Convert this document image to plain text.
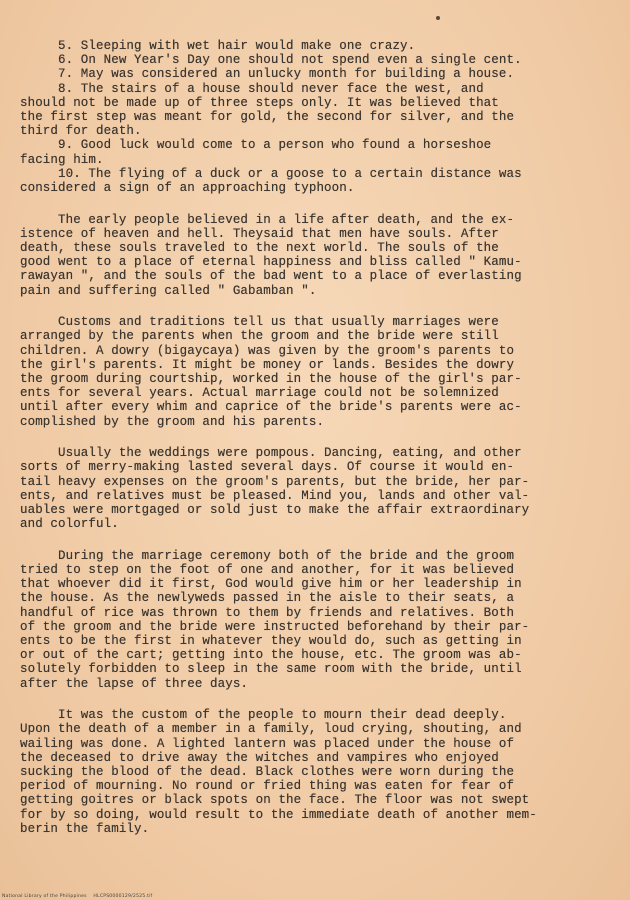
5. Sleeping with wet hair would make one crazy.
6. On New Year's Day one should not spend even a single cent.
7. May was considered an unlucky month for building a house.
8. The stairs of a house should never face the west, and
should not be made up of three steps only. It was believed that
the first step was meant for gold, the second for silver, and the
third for death.
9. Good luck would come to a person who found a horseshoe
facing him.
10. The flying of a duck or a goose to a certain distance was
considered a sign of an approaching typhoon.
The early people believed in a life after death, and the ex-
istence of heaven and hell. Theysaid that men have souls. After
death, these souls traveled to the next world. The souls of the
good went to a place of eternal happiness and bliss called " Kamu-
rawayan ", and the souls of the bad went to a place of everlasting
pain and suffering called " Gabamban ".
Customs and traditions tell us that usually marriages were
arranged by the parents when the groom and the bride were still
children. A dowry (bigaycaya) was given by the groom's parents to
the girl's parents. It might be money or lands. Besides the dowry
the groom during courtship, worked in the house of the girl's par-
ents for several years. Actual marriage could not be solemnized
until after every whim and caprice of the bride's parents were ac-
complished by the groom and his parents.
Usually the weddings were pompous. Dancing, eating, and other
sorts of merry-making lasted several days. Of course it would en-
tail heavy expenses on the groom's parents, but the bride, her par-
ents, and relatives must be pleased. Mind you, lands and other val-
uables were mortgaged or sold just to make the affair extraordinary
and colorful.
During the marriage ceremony both of the bride and the groom
tried to step on the foot of one and another, for it was believed
that whoever did it first, God would give him or her leadership in
the house. As the newlyweds passed in the aisle to their seats, a
handful of rice was thrown to them by friends and relatives. Both
of the groom and the bride were instructed beforehand by their par-
ents to be the first in whatever they would do, such as getting in
or out of the cart; getting into the house, etc. The groom was ab-
solutely forbidden to sleep in the same room with the bride, until
after the lapse of three days.
It was the custom of the people to mourn their dead deeply.
Upon the death of a member in a family, loud crying, shouting, and
wailing was done. A lighted lantern was placed under the house of
the deceased to drive away the witches and vampires who enjoyed
sucking the blood of the dead. Black clothes were worn during the
period of mourning. No round or fried thing was eaten for fear of
getting goitres or black spots on the face. The floor was not swept
for by so doing, would result to the immediate death of another mem-
berin the family.
National Library of the Philippines    HLCPS0000129/2525.tif
